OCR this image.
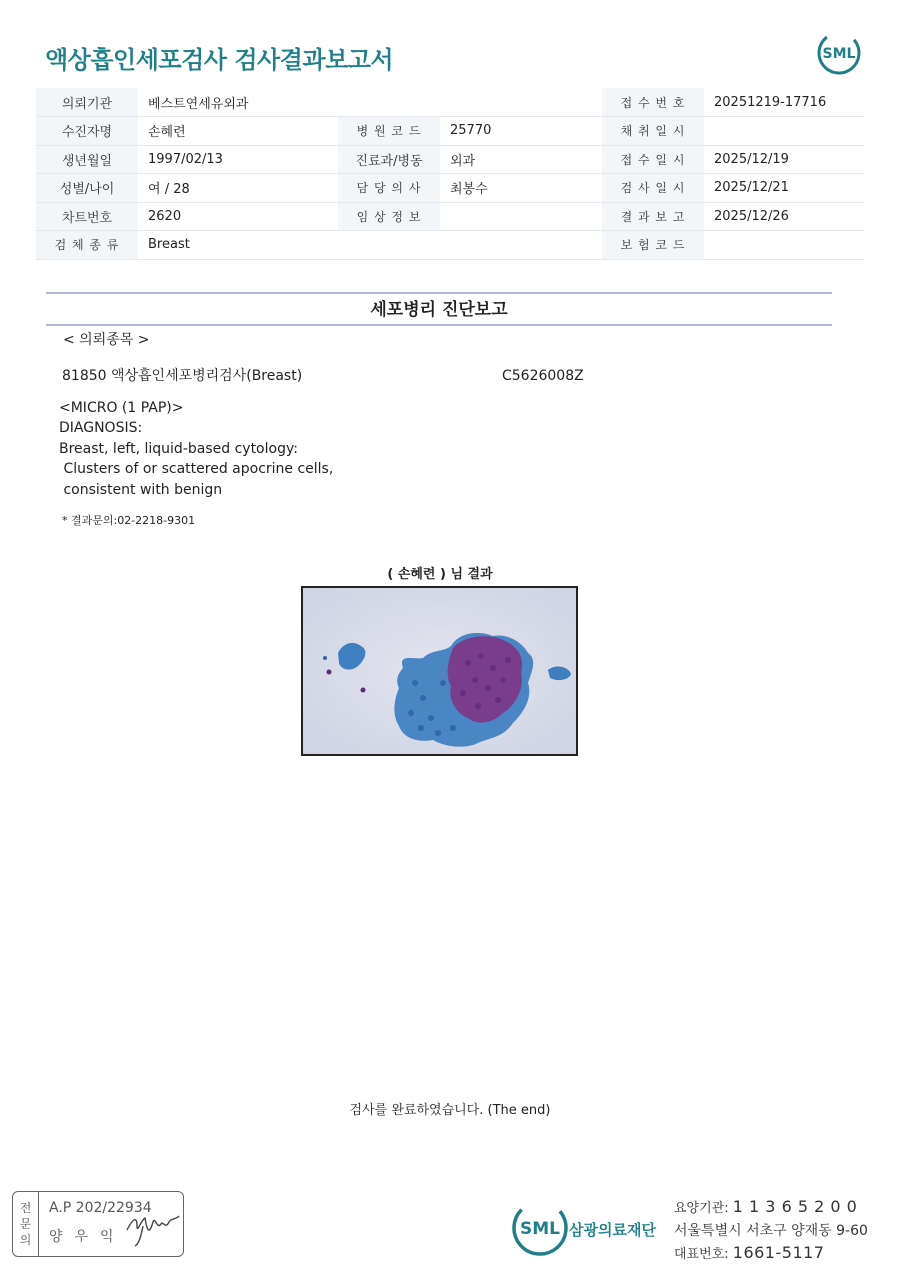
액상흡인세포검사 검사결과보고서	SML
의뢰기관	베스트연세유외과			접 수 번 호	20251219-17716
수진자명	손혜련	병 원 코 드	25770	채 취 일 시	
생년월일	1997/02/13	진료과/병동	외과	접 수 일 시	2025/12/19
성별/나이	여 / 28	담 당 의 사	최봉수	검 사 일 시	2025/12/21
차트번호	2620	임 상 정 보		결 과 보 고	2025/12/26
검 체 종 류	Breast			보 험 코 드	
세포병리 진단보고
< 의뢰종목 >
81850 액상흡인세포병리검사(Breast)	C5626008Z
<MICRO (1 PAP)>
DIAGNOSIS:
Breast, left, liquid-based cytology:
Clusters of or scattered apocrine cells,
consistent with benign
* 결과문의:02-2218-9301
( 손혜련 ) 님 결과
검사를 완료하였습니다. (The end)
전
문
의
A.P 202/22934
양우익	SML 삼광의료재단
요양기관: 1 1 3 6 5 2 0 0
서울특별시 서초구 양재동 9-60
대표번호: 1661-5117
